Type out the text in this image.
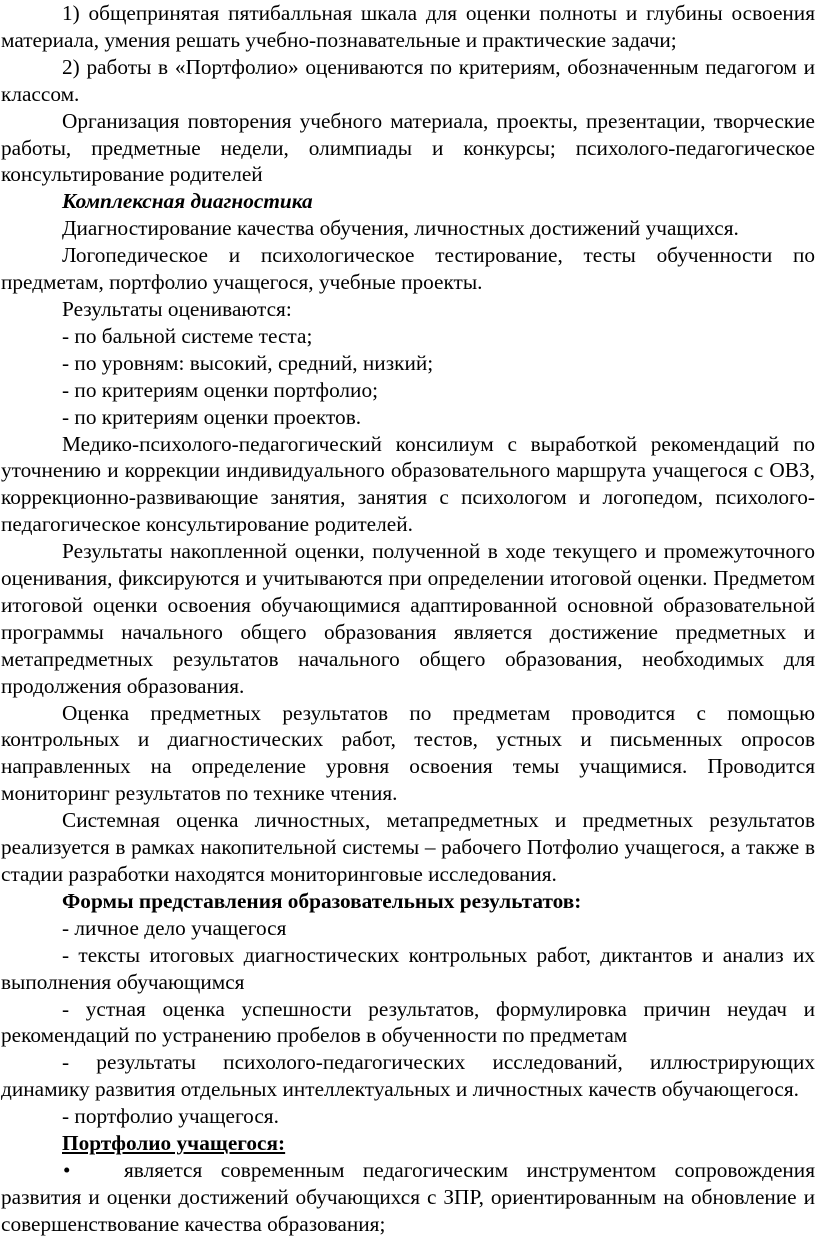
1) общепринятая пятибалльная шкала для оценки полноты и глубины освоения материала, умения решать учебно-познавательные и практические задачи;

2) работы в «Портфолио» оцениваются по критериям, обозначенным педагогом и классом.

Организация повторения учебного материала, проекты, презентации, творческие работы, предметные недели, олимпиады и конкурсы; психолого-педагогическое консультирование родителей

Комплексная диагностика

Диагностирование качества обучения, личностных достижений учащихся.

Логопедическое и психологическое тестирование, тесты обученности по предметам, портфолио учащегося, учебные проекты.

Результаты оцениваются:

- по бальной системе теста;

- по уровням: высокий, средний, низкий;

- по критериям оценки портфолио;

- по критериям оценки проектов.

Медико-психолого-педагогический консилиум с выработкой рекомендаций по уточнению и коррекции индивидуального образовательного маршрута учащегося с ОВЗ, коррекционно-развивающие занятия, занятия с психологом и логопедом, психолого-педагогическое консультирование родителей.

Результаты накопленной оценки, полученной в ходе текущего и промежуточного оценивания, фиксируются и учитываются при определении итоговой оценки. Предметом итоговой оценки освоения обучающимися адаптированной основной образовательной программы начального общего образования является достижение предметных и метапредметных результатов начального общего образования, необходимых для продолжения образования.

Оценка предметных результатов по предметам проводится с помощью контрольных и диагностических работ, тестов, устных и письменных опросов направленных на определение уровня освоения темы учащимися. Проводится мониторинг результатов по технике чтения.

Системная оценка личностных, метапредметных и предметных результатов реализуется в рамках накопительной системы – рабочего Потфолио учащегося, а также в стадии разработки находятся мониторинговые исследования.

Формы представления образовательных результатов:

- личное дело учащегося

- тексты итоговых диагностических контрольных работ, диктантов и анализ их выполнения обучающимся

- устная оценка успешности результатов, формулировка причин неудач и рекомендаций по устранению пробелов в обученности по предметам

- результаты психолого-педагогических исследований, иллюстрирующих динамику развития отдельных интеллектуальных и личностных качеств обучающегося.

- портфолио учащегося.

Портфолио учащегося:

•	является современным педагогическим инструментом сопровождения развития и оценки достижений обучающихся с ЗПР, ориентированным на обновление и совершенствование качества образования;
